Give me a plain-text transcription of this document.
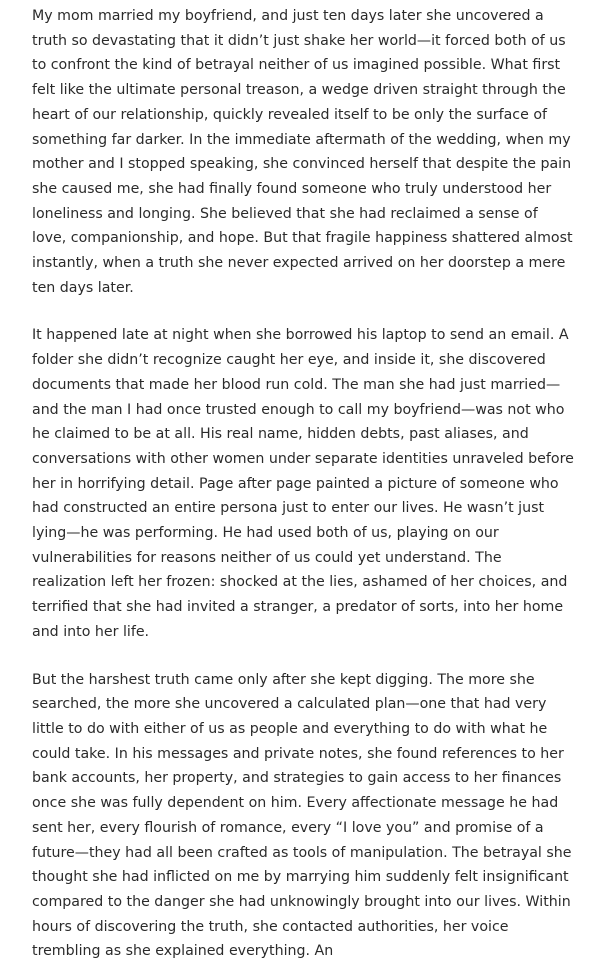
My mom married my boyfriend, and just ten days later she uncovered a truth so devastating that it didn’t just shake her world—it forced both of us to confront the kind of betrayal neither of us imagined possible. What first felt like the ultimate personal treason, a wedge driven straight through the heart of our relationship, quickly revealed itself to be only the surface of something far darker. In the immediate aftermath of the wedding, when my mother and I stopped speaking, she convinced herself that despite the pain she caused me, she had finally found someone who truly understood her loneliness and longing. She believed that she had reclaimed a sense of love, companionship, and hope. But that fragile happiness shattered almost instantly, when a truth she never expected arrived on her doorstep a mere ten days later.

It happened late at night when she borrowed his laptop to send an email. A folder she didn’t recognize caught her eye, and inside it, she discovered documents that made her blood run cold. The man she had just married—and the man I had once trusted enough to call my boyfriend—was not who he claimed to be at all. His real name, hidden debts, past aliases, and conversations with other women under separate identities unraveled before her in horrifying detail. Page after page painted a picture of someone who had constructed an entire persona just to enter our lives. He wasn’t just lying—he was performing. He had used both of us, playing on our vulnerabilities for reasons neither of us could yet understand. The realization left her frozen: shocked at the lies, ashamed of her choices, and terrified that she had invited a stranger, a predator of sorts, into her home and into her life.

But the harshest truth came only after she kept digging. The more she searched, the more she uncovered a calculated plan—one that had very little to do with either of us as people and everything to do with what he could take. In his messages and private notes, she found references to her bank accounts, her property, and strategies to gain access to her finances once she was fully dependent on him. Every affectionate message he had sent her, every flourish of romance, every “I love you” and promise of a future—they had all been crafted as tools of manipulation. The betrayal she thought she had inflicted on me by marrying him suddenly felt insignificant compared to the danger she had unknowingly brought into our lives. Within hours of discovering the truth, she contacted authorities, her voice trembling as she explained everything. An
